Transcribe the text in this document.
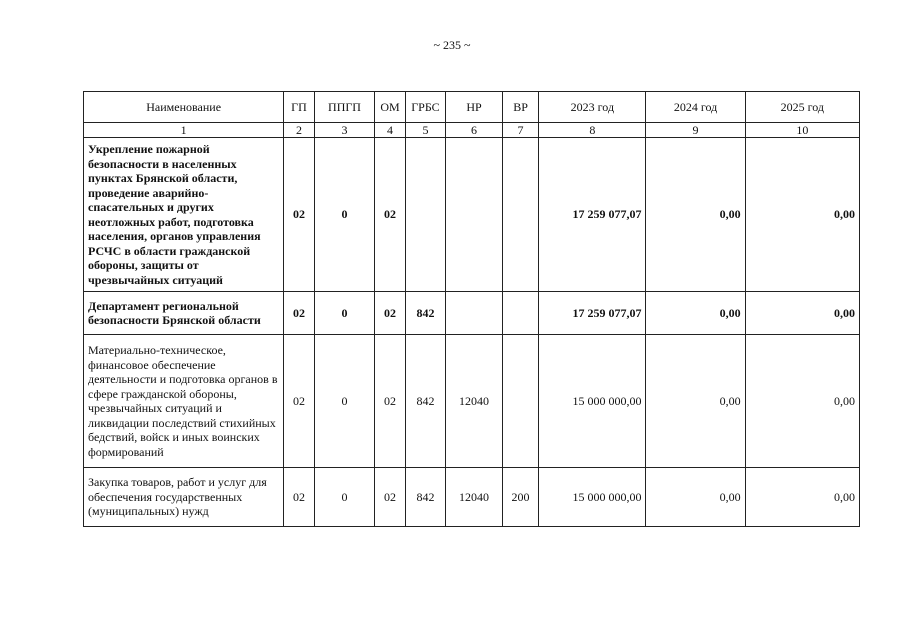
~ 235 ~
Наименование	ГП	ППГП	ОМ	ГРБС	НР	ВР	2023 год	2024 год	2025 год
1	2	3	4	5	6	7	8	9	10
Укрепление пожарной безопасности в населенных пунктах Брянской области, проведение аварийно-спасательных и других неотложных работ, подготовка населения, органов управления РСЧС в области гражданской обороны, защиты от чрезвычайных ситуаций	02	0	02				17 259 077,07	0,00	0,00
Департамент региональной безопасности Брянской области	02	0	02	842			17 259 077,07	0,00	0,00
Материально-техническое, финансовое обеспечение деятельности и подготовка органов в сфере гражданской обороны, чрезвычайных ситуаций и ликвидации последствий стихийных бедствий, войск и иных воинских формирований	02	0	02	842	12040		15 000 000,00	0,00	0,00
Закупка товаров, работ и услуг для обеспечения государственных (муниципальных) нужд	02	0	02	842	12040	200	15 000 000,00	0,00	0,00
